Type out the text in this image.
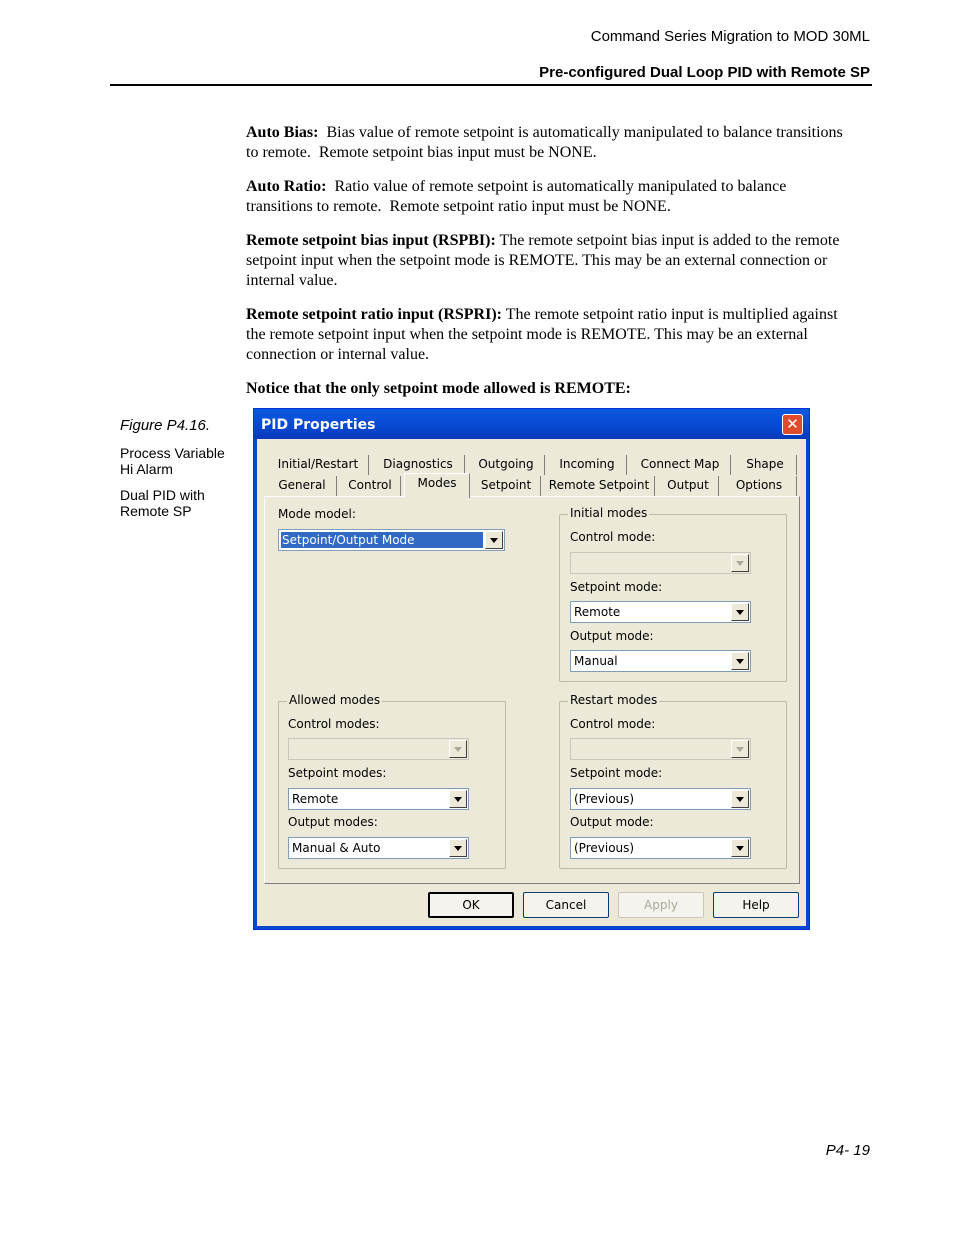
Command Series Migration to MOD 30ML
Pre-configured Dual Loop PID with Remote SP

Auto Bias:  Bias value of remote setpoint is automatically manipulated to balance transitions to remote.  Remote setpoint bias input must be NONE.

Auto Ratio:  Ratio value of remote setpoint is automatically manipulated to balance transitions to remote.  Remote setpoint ratio input must be NONE.

Remote setpoint bias input (RSPBI): The remote setpoint bias input is added to the remote setpoint input when the setpoint mode is REMOTE. This may be an external connection or internal value.

Remote setpoint ratio input (RSPRI): The remote setpoint ratio input is multiplied against the remote setpoint input when the setpoint mode is REMOTE. This may be an external connection or internal value.

Notice that the only setpoint mode allowed is REMOTE:

Figure P4.16.
Process Variable Hi Alarm
Dual PID with Remote SP
PID Properties	✕
Initial/Restart	Diagnostics	Outgoing	Incoming	Connect Map	Shape
General	Control	Modes	Setpoint	Remote Setpoint	Output	Options
Mode model:
Setpoint/Output Mode
Initial modes
Control mode:
Setpoint mode:
Remote
Output mode:
Manual
Allowed modes
Control modes:
Setpoint modes:
Remote
Output modes:
Manual & Auto
Restart modes
Control mode:
Setpoint mode:
(Previous)
Output mode:
(Previous)
OK	Cancel	Apply	Help
P4- 19
